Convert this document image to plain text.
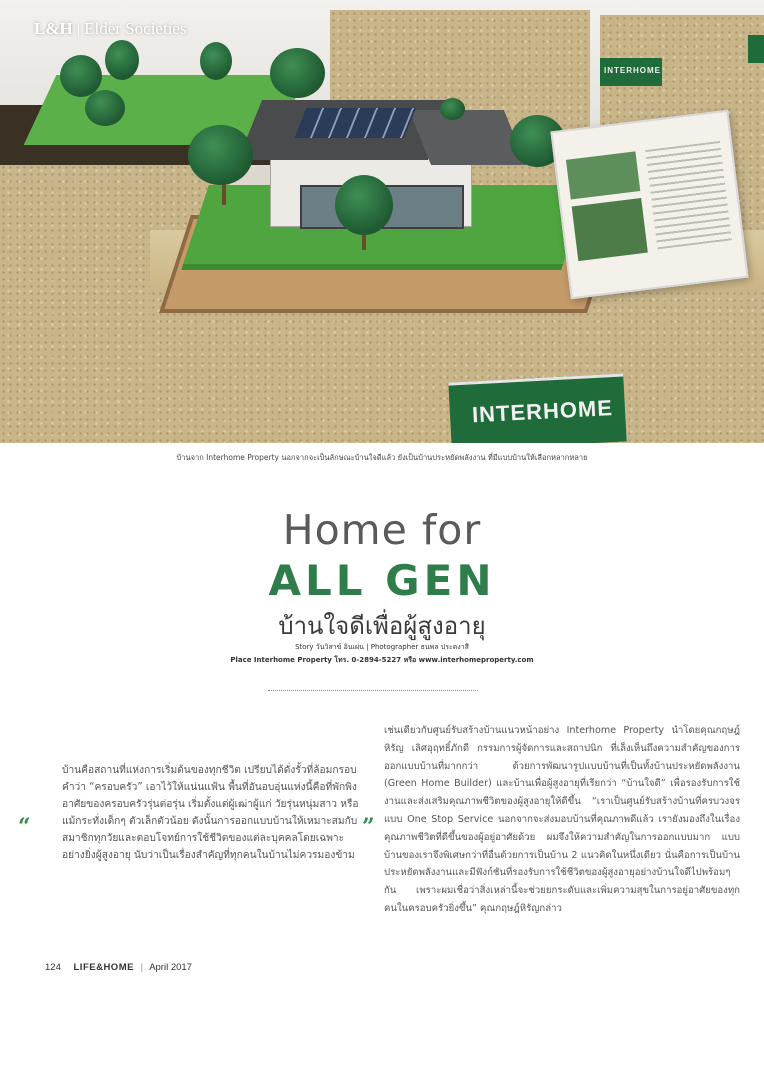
INTERHOME
INTERHOME
L&H | Elder Societies
บ้านจาก Interhome Property นอกจากจะเป็นลักษณะบ้านใจดีแล้ว ยังเป็นบ้านประหยัดพลังงาน ที่มีแบบบ้านให้เลือกหลากหลาย
Home for
ALL GEN
บ้านใจดีเพื่อผู้สูงอายุ
Story วันวิสาข์ อินเผ่น | Photographer ธนพล ประดงาสี
Place Interhome Property โทร. 0-2894-5227 หรือ www.interhomeproperty.com
“
บ้านคือสถานที่แห่งการเริ่มต้นของทุกชีวิต เปรียบได้ดั่งรั้วที่ล้อมกรอบคำว่า “ครอบครัว” เอาไว้ให้แน่นแฟ้น พื้นที่อันอบอุ่นแห่งนี้คือที่พักพิงอาศัยของครอบครัวรุ่นต่อรุ่น เริ่มตั้งแต่ผู้เฒ่าผู้แก่ วัยรุ่นหนุ่มสาว หรือแม้กระทั่งเด็กๆ ตัวเล็กตัวน้อย ดังนั้นการออกแบบบ้านให้เหมาะสมกับสมาชิกทุกวัยและตอบโจทย์การใช้ชีวิตของแต่ละบุคคลโดยเฉพาะอย่างยิ่งผู้สูงอายุ นับว่าเป็นเรื่องสำคัญที่ทุกคนในบ้านไม่ควรมองข้าม
”
เช่นเดียวกับศูนย์รับสร้างบ้านแนวหน้าอย่าง Interhome Property นำโดยคุณกฤษฎ์หิรัญ เลิศอุฤทธิ์ภักดี กรรมการผู้จัดการและสถาปนิก ที่เล็งเห็นถึงความสำคัญของการออกแบบบ้านที่มากกว่า ด้วยการพัฒนารูปแบบบ้านที่เป็นทั้งบ้านประหยัดพลังงาน (Green Home Builder) และบ้านเพื่อผู้สูงอายุที่เรียกว่า “บ้านใจดี” เพื่อรองรับการใช้งานและส่งเสริมคุณภาพชีวิตของผู้สูงอายุให้ดีขึ้น “เราเป็นศูนย์รับสร้างบ้านที่ครบวงจรแบบ One Stop Service นอกจากจะส่งมอบบ้านที่คุณภาพดีแล้ว เรายังมองถึงในเรื่องคุณภาพชีวิตที่ดีขึ้นของผู้อยู่อาศัยด้วย ผมจึงให้ความสำคัญในการออกแบบมาก แบบบ้านของเราจึงพิเศษกว่าที่อื่นด้วยการเป็นบ้าน 2 แนวคิดในหนึ่งเดียว นั่นคือการเป็นบ้านประหยัดพลังงานและมีฟังก์ชันที่รองรับการใช้ชีวิตของผู้สูงอายุอย่างบ้านใจดีไปพร้อมๆ กัน เพราะผมเชื่อว่าสิ่งเหล่านี้จะช่วยยกระดับและเพิ่มความสุขในการอยู่อาศัยของทุกคนในครอบครัวยิ่งขึ้น” คุณกฤษฎ์หิรัญกล่าว
124 LIFE&HOME | April 2017
